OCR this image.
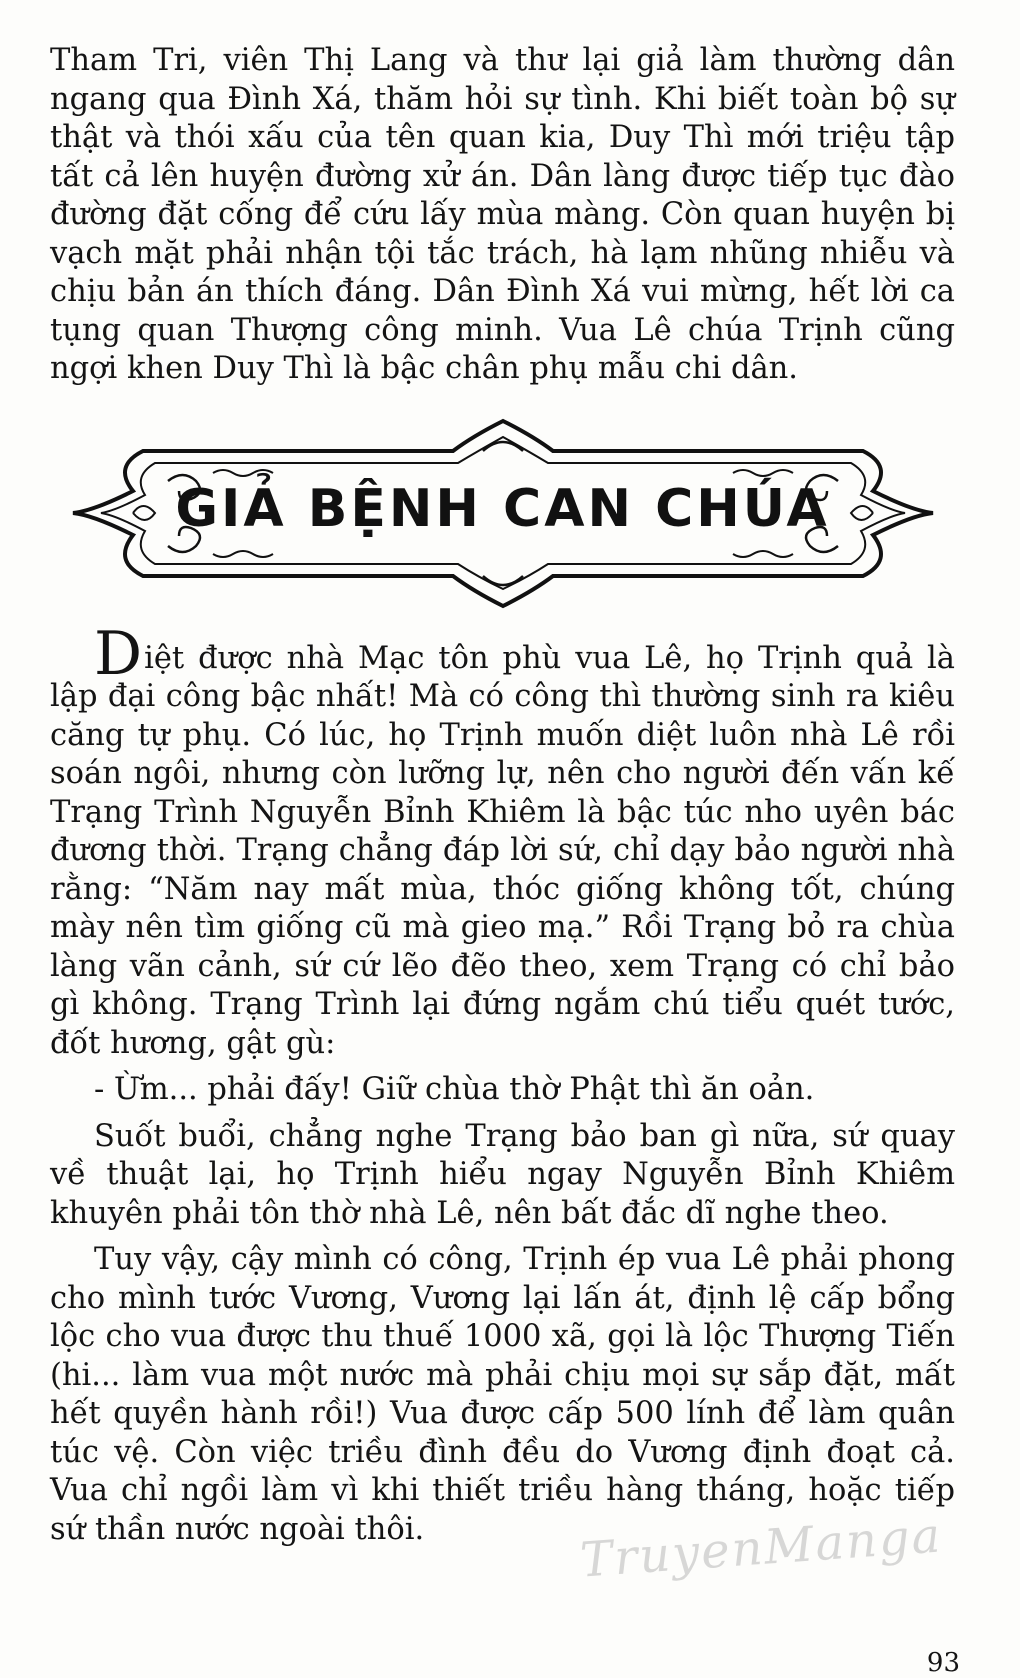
Tham Tri, viên Thị Lang và thư lại giả làm thường dân ngang qua Đình Xá, thăm hỏi sự tình. Khi biết toàn bộ sự thật và thói xấu của tên quan kia, Duy Thì mới triệu tập tất cả lên huyện đường xử án. Dân làng được tiếp tục đào đường đặt cống để cứu lấy mùa màng. Còn quan huyện bị vạch mặt phải nhận tội tắc trách, hà lạm nhũng nhiễu và chịu bản án thích đáng. Dân Đình Xá vui mừng, hết lời ca tụng quan Thượng công minh. Vua Lê chúa Trịnh cũng ngợi khen Duy Thì là bậc chân phụ mẫu chi dân.

GIẢ BỆNH CAN CHÚA

Diệt được nhà Mạc tôn phù vua Lê, họ Trịnh quả là lập đại công bậc nhất! Mà có công thì thường sinh ra kiêu căng tự phụ. Có lúc, họ Trịnh muốn diệt luôn nhà Lê rồi soán ngôi, nhưng còn lưỡng lự, nên cho người đến vấn kế Trạng Trình Nguyễn Bỉnh Khiêm là bậc túc nho uyên bác đương thời. Trạng chẳng đáp lời sứ, chỉ dạy bảo người nhà rằng: “Năm nay mất mùa, thóc giống không tốt, chúng mày nên tìm giống cũ mà gieo mạ.” Rồi Trạng bỏ ra chùa làng vãn cảnh, sứ cứ lẽo đẽo theo, xem Trạng có chỉ bảo gì không. Trạng Trình lại đứng ngắm chú tiểu quét tước, đốt hương, gật gù:

- Ừm... phải đấy! Giữ chùa thờ Phật thì ăn oản.

Suốt buổi, chẳng nghe Trạng bảo ban gì nữa, sứ quay về thuật lại, họ Trịnh hiểu ngay Nguyễn Bỉnh Khiêm khuyên phải tôn thờ nhà Lê, nên bất đắc dĩ nghe theo.

Tuy vậy, cậy mình có công, Trịnh ép vua Lê phải phong cho mình tước Vương, Vương lại lấn át, định lệ cấp bổng lộc cho vua được thu thuế 1000 xã, gọi là lộc Thượng Tiến (hi... làm vua một nước mà phải chịu mọi sự sắp đặt, mất hết quyền hành rồi!) Vua được cấp 500 lính để làm quân túc vệ. Còn việc triều đình đều do Vương định đoạt cả. Vua chỉ ngồi làm vì khi thiết triều hàng tháng, hoặc tiếp sứ thần nước ngoài thôi.	TruyenManga
93
